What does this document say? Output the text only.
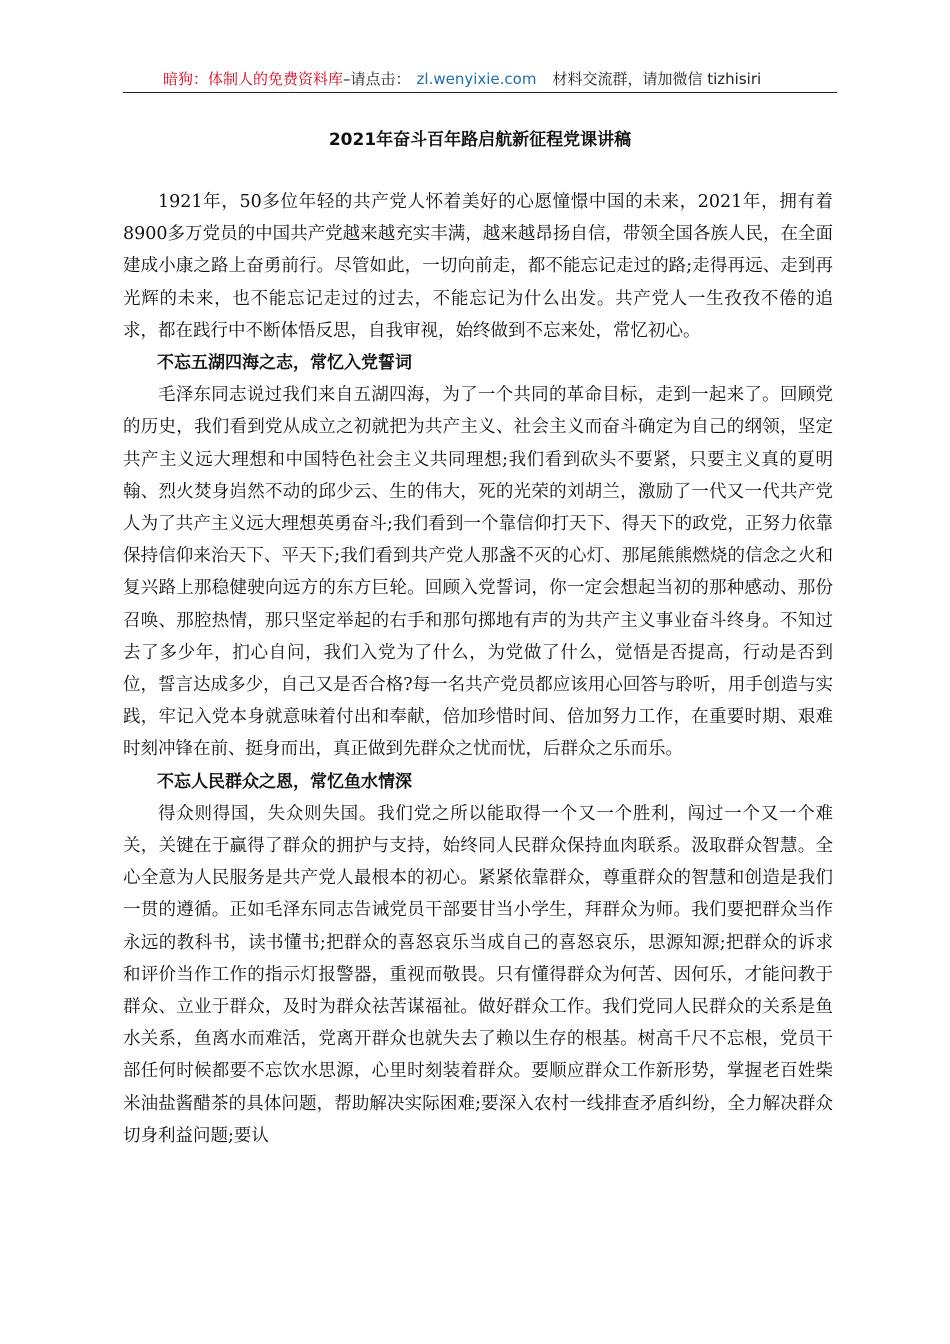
暗狗：体制人的免费资料库–请点击： zl.wenyixie.com 材料交流群，请加微信 tizhisiri
2021年奋斗百年路启航新征程党课讲稿

1921年，50多位年轻的共产党人怀着美好的心愿憧憬中国的未来，2021年，拥有着8900多万党员的中国共产党越来越充实丰满，越来越昂扬自信，带领全国各族人民，在全面建成小康之路上奋勇前行。尽管如此，一切向前走，都不能忘记走过的路;走得再远、走到再光辉的未来，也不能忘记走过的过去，不能忘记为什么出发。共产党人一生孜孜不倦的追求，都在践行中不断体悟反思，自我审视，始终做到不忘来处，常忆初心。

不忘五湖四海之志，常忆入党誓词

毛泽东同志说过我们来自五湖四海，为了一个共同的革命目标，走到一起来了。回顾党的历史，我们看到党从成立之初就把为共产主义、社会主义而奋斗确定为自己的纲领，坚定共产主义远大理想和中国特色社会主义共同理想;我们看到砍头不要紧，只要主义真的夏明翰、烈火焚身岿然不动的邱少云、生的伟大，死的光荣的刘胡兰，激励了一代又一代共产党人为了共产主义远大理想英勇奋斗;我们看到一个靠信仰打天下、得天下的政党，正努力依靠保持信仰来治天下、平天下;我们看到共产党人那盏不灭的心灯、那尾熊熊燃烧的信念之火和复兴路上那稳健驶向远方的东方巨轮。回顾入党誓词，你一定会想起当初的那种感动、那份召唤、那腔热情，那只坚定举起的右手和那句掷地有声的为共产主义事业奋斗终身。不知过去了多少年，扪心自问，我们入党为了什么，为党做了什么，觉悟是否提高，行动是否到位，誓言达成多少，自己又是否合格?每一名共产党员都应该用心回答与聆听，用手创造与实践，牢记入党本身就意味着付出和奉献，倍加珍惜时间、倍加努力工作，在重要时期、艰难时刻冲锋在前、挺身而出，真正做到先群众之忧而忧，后群众之乐而乐。

不忘人民群众之恩，常忆鱼水情深

得众则得国，失众则失国。我们党之所以能取得一个又一个胜利，闯过一个又一个难关，关键在于赢得了群众的拥护与支持，始终同人民群众保持血肉联系。汲取群众智慧。全心全意为人民服务是共产党人最根本的初心。紧紧依靠群众，尊重群众的智慧和创造是我们一贯的遵循。正如毛泽东同志告诫党员干部要甘当小学生，拜群众为师。我们要把群众当作永远的教科书，读书懂书;把群众的喜怒哀乐当成自己的喜怒哀乐，思源知源;把群众的诉求和评价当作工作的指示灯报警器，重视而敬畏。只有懂得群众为何苦、因何乐，才能问教于群众、立业于群众，及时为群众祛苦谋福祉。做好群众工作。我们党同人民群众的关系是鱼水关系，鱼离水而难活，党离开群众也就失去了赖以生存的根基。树高千尺不忘根，党员干部任何时候都要不忘饮水思源，心里时刻装着群众。要顺应群众工作新形势，掌握老百姓柴米油盐酱醋茶的具体问题，帮助解决实际困难;要深入农村一线排查矛盾纠纷，全力解决群众切身利益问题;要认
